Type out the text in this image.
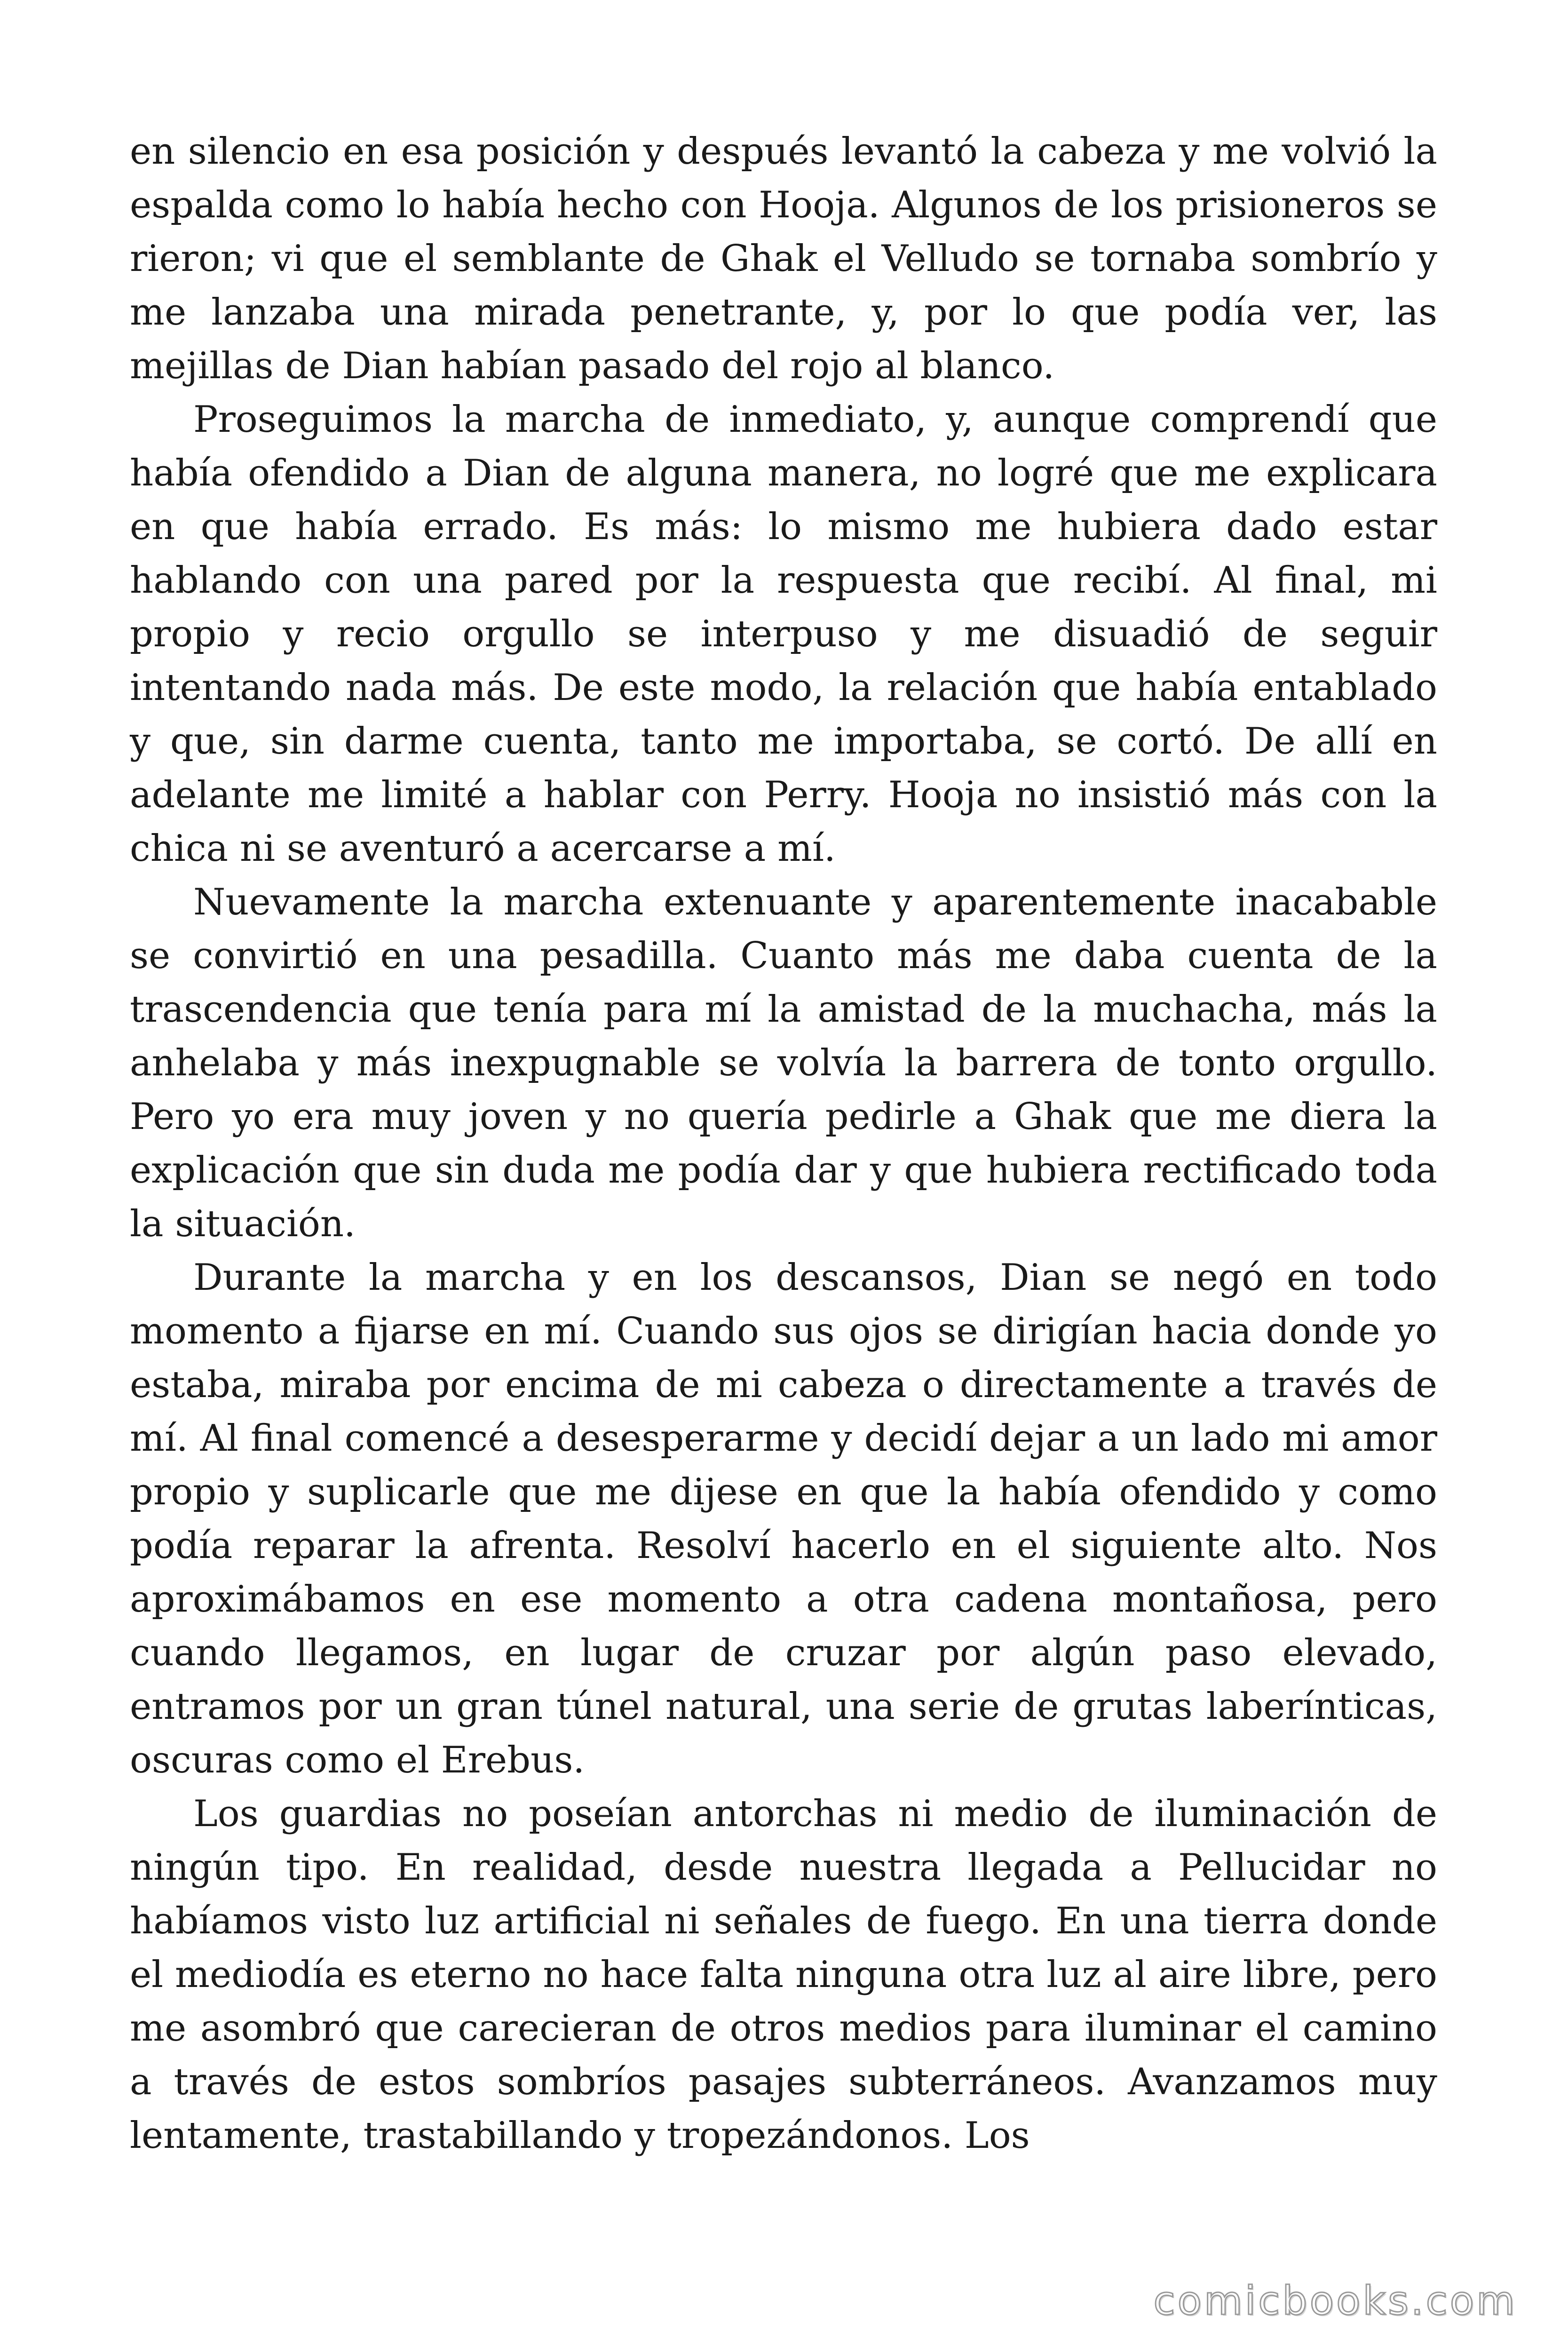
en silencio en esa posición y después levantó la cabeza y me volvió la espalda como lo había hecho con Hooja. Algunos de los prisioneros se rieron; vi que el semblante de Ghak el Velludo se tornaba sombrío y me lanzaba una mirada penetrante, y, por lo que podía ver, las mejillas de Dian habían pasado del rojo al blanco.

Proseguimos la marcha de inmediato, y, aunque comprendí que había ofendido a Dian de alguna manera, no logré que me explicara en que había errado. Es más: lo mismo me hubiera dado estar hablando con una pared por la respuesta que recibí. Al final, mi propio y recio orgullo se interpuso y me disuadió de seguir intentando nada más. De este modo, la relación que había entablado y que, sin darme cuenta, tanto me importaba, se cortó. De allí en adelante me limité a hablar con Perry. Hooja no insistió más con la chica ni se aventuró a acercarse a mí.

Nuevamente la marcha extenuante y aparentemente inacabable se convirtió en una pesadilla. Cuanto más me daba cuenta de la trascendencia que tenía para mí la amistad de la muchacha, más la anhelaba y más inexpugnable se volvía la barrera de tonto orgullo. Pero yo era muy joven y no quería pedirle a Ghak que me diera la explicación que sin duda me podía dar y que hubiera rectificado toda la situación.

Durante la marcha y en los descansos, Dian se negó en todo momento a fijarse en mí. Cuando sus ojos se dirigían hacia donde yo estaba, miraba por encima de mi cabeza o directamente a través de mí. Al final comencé a desesperarme y decidí dejar a un lado mi amor propio y suplicarle que me dijese en que la había ofendido y como podía reparar la afrenta. Resolví hacerlo en el siguiente alto. Nos aproximábamos en ese momento a otra cadena montañosa, pero cuando llegamos, en lugar de cruzar por algún paso elevado, entramos por un gran túnel natural, una serie de grutas laberínticas, oscuras como el Erebus.

Los guardias no poseían antorchas ni medio de iluminación de ningún tipo. En realidad, desde nuestra llegada a Pellucidar no habíamos visto luz artificial ni señales de fuego. En una tierra donde el mediodía es eterno no hace falta ninguna otra luz al aire libre, pero me asombró que carecieran de otros medios para iluminar el camino a través de estos sombríos pasajes subterráneos. Avanzamos muy lentamente, trastabillando y tropezándonos. Los

comicbooks.com
